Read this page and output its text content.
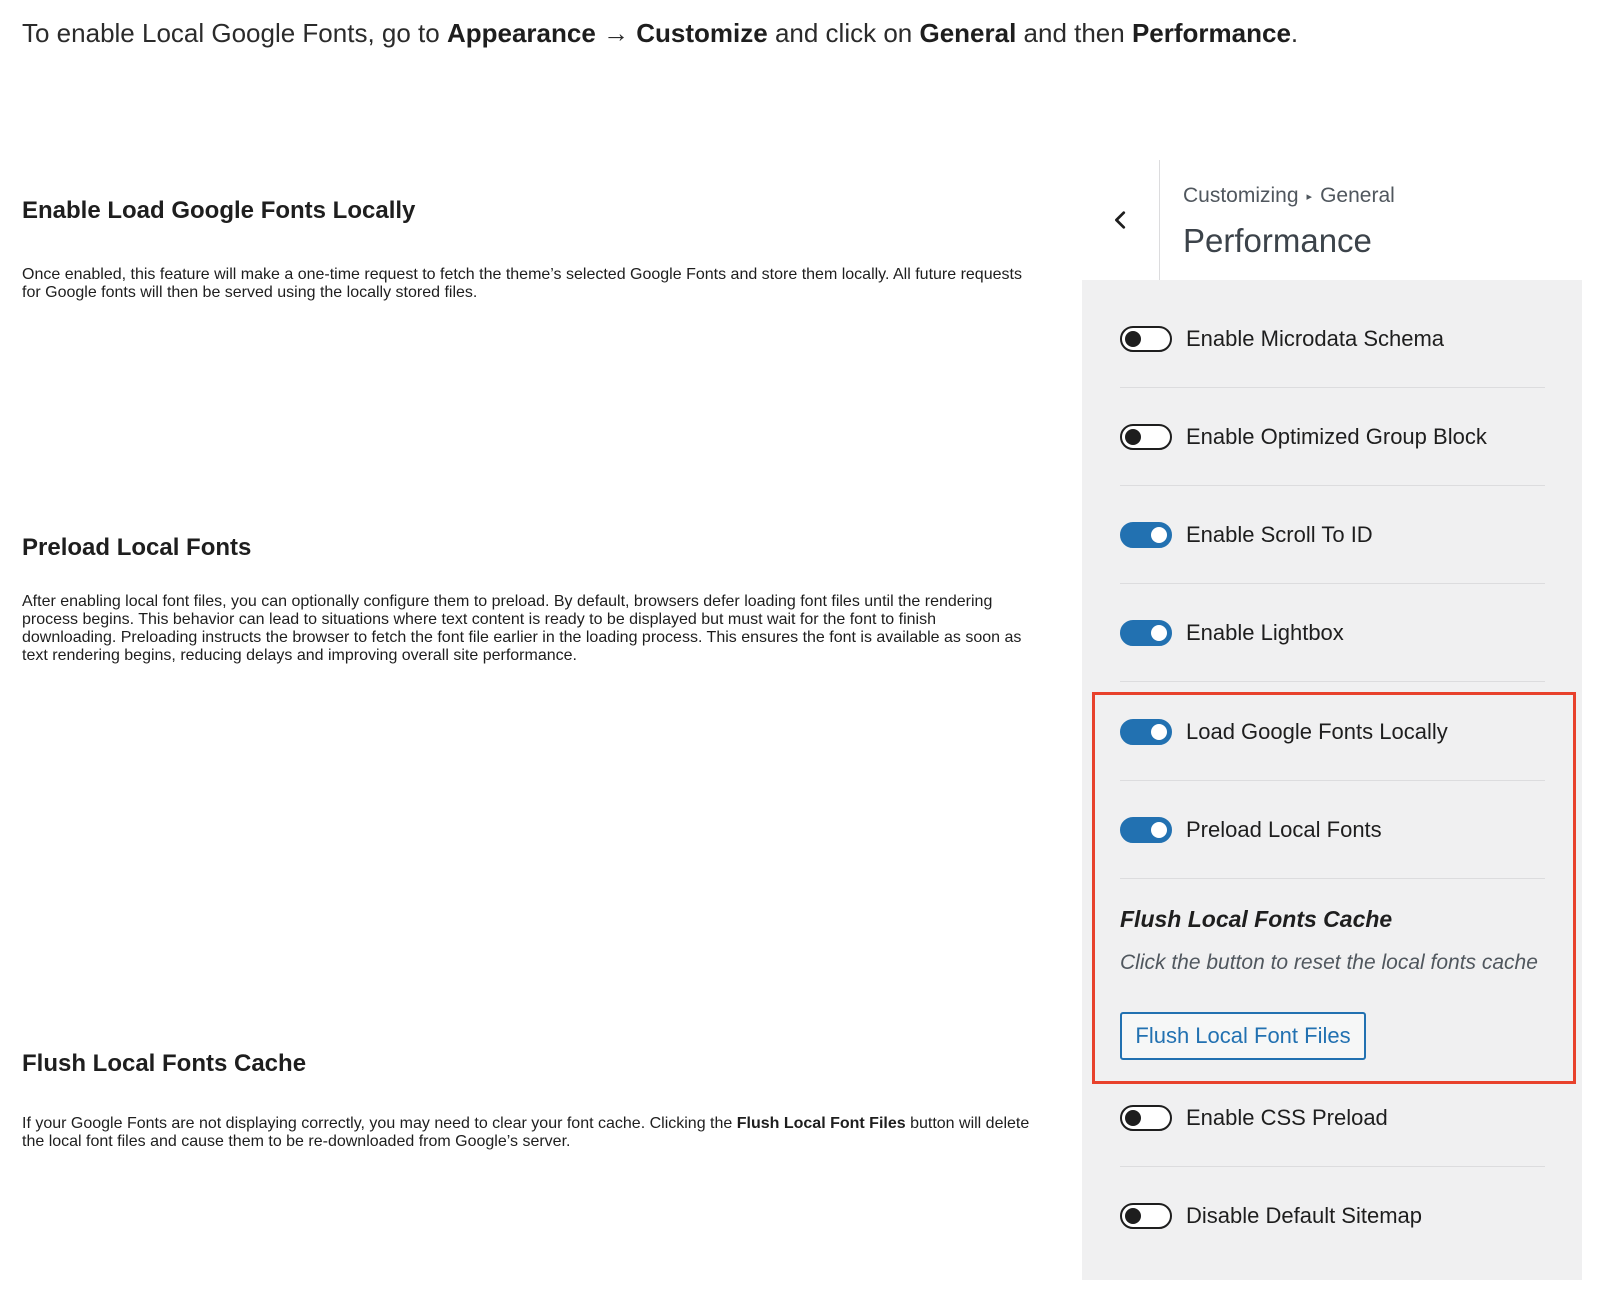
To enable Local Google Fonts, go to Appearance → Customize and click on General and then Performance.
Enable Load Google Fonts Locally

Once enabled, this feature will make a one-time request to fetch the theme’s selected Google Fonts and store them locally. All future requests for Google fonts will then be served using the locally stored files.

Preload Local Fonts

After enabling local font files, you can optionally configure them to preload. By default, browsers defer loading font files until the rendering process begins. This behavior can lead to situations where text content is ready to be displayed but must wait for the font to finish downloading. Preloading instructs the browser to fetch the font file earlier in the loading process. This ensures the font is available as soon as text rendering begins, reducing delays and improving overall site performance.

Flush Local Fonts Cache

If your Google Fonts are not displaying correctly, you may need to clear your font cache. Clicking the Flush Local Font Files button will delete the local font files and cause them to be re-downloaded from Google’s server.

Customizing ▸ General
Performance
Enable Microdata Schema
Enable Optimized Group Block
Enable Scroll To ID
Enable Lightbox
Load Google Fonts Locally
Preload Local Fonts
Flush Local Fonts Cache
Click the button to reset the local fonts cache
Flush Local Font Files
Enable CSS Preload
Disable Default Sitemap
